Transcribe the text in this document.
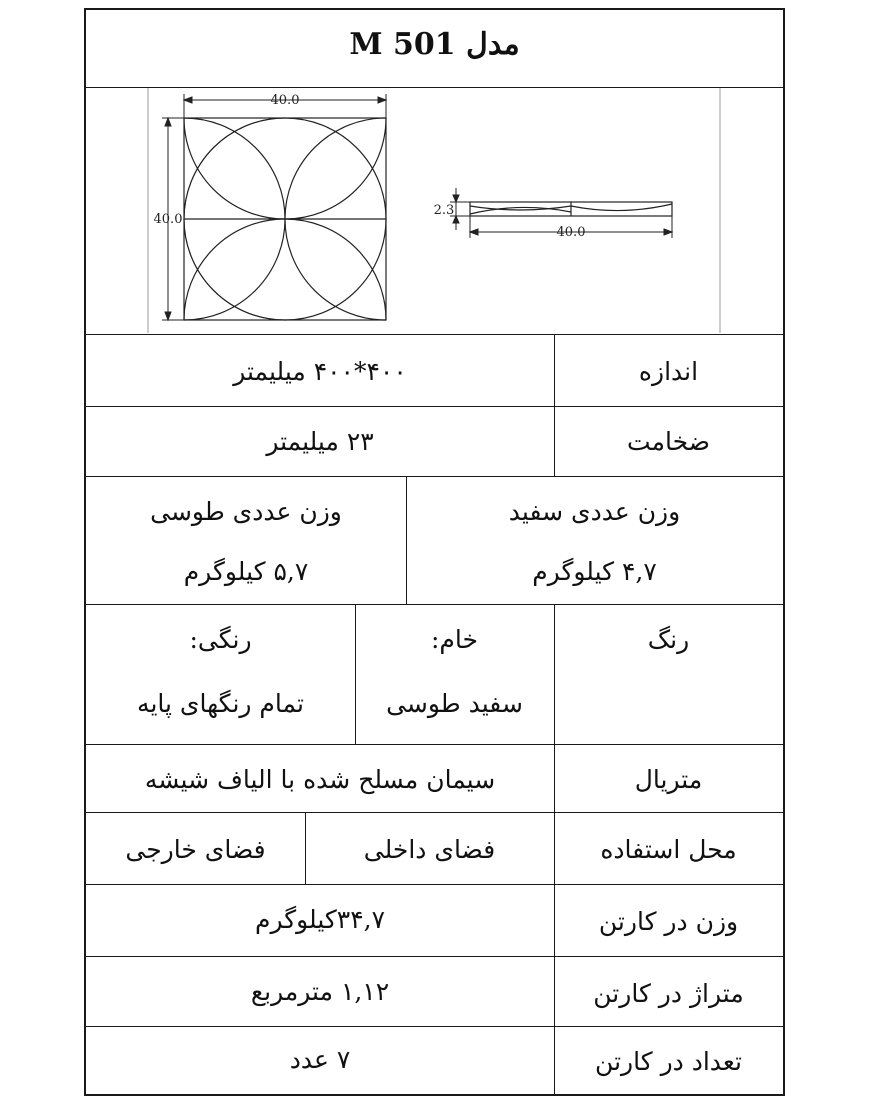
M 501 مدل
40.0
40.0
2.3
40.0
اندازه
۴۰۰*۴۰۰ میلیمتر
ضخامت
۲۳ میلیمتر
وزن عددی سفید
۴,۷ کیلوگرم
وزن عددی طوسی
۵,۷ کیلوگرم
رنگ
خام:
سفید طوسی
رنگی:
تمام رنگهای پایه
متریال
سیمان مسلح شده با الیاف شیشه
محل استفاده
فضای داخلی
فضای خارجی
وزن در کارتن
۳۴,۷کیلوگرم
متراژ در کارتن
۱,۱۲ مترمربع
تعداد در کارتن
۷ عدد
